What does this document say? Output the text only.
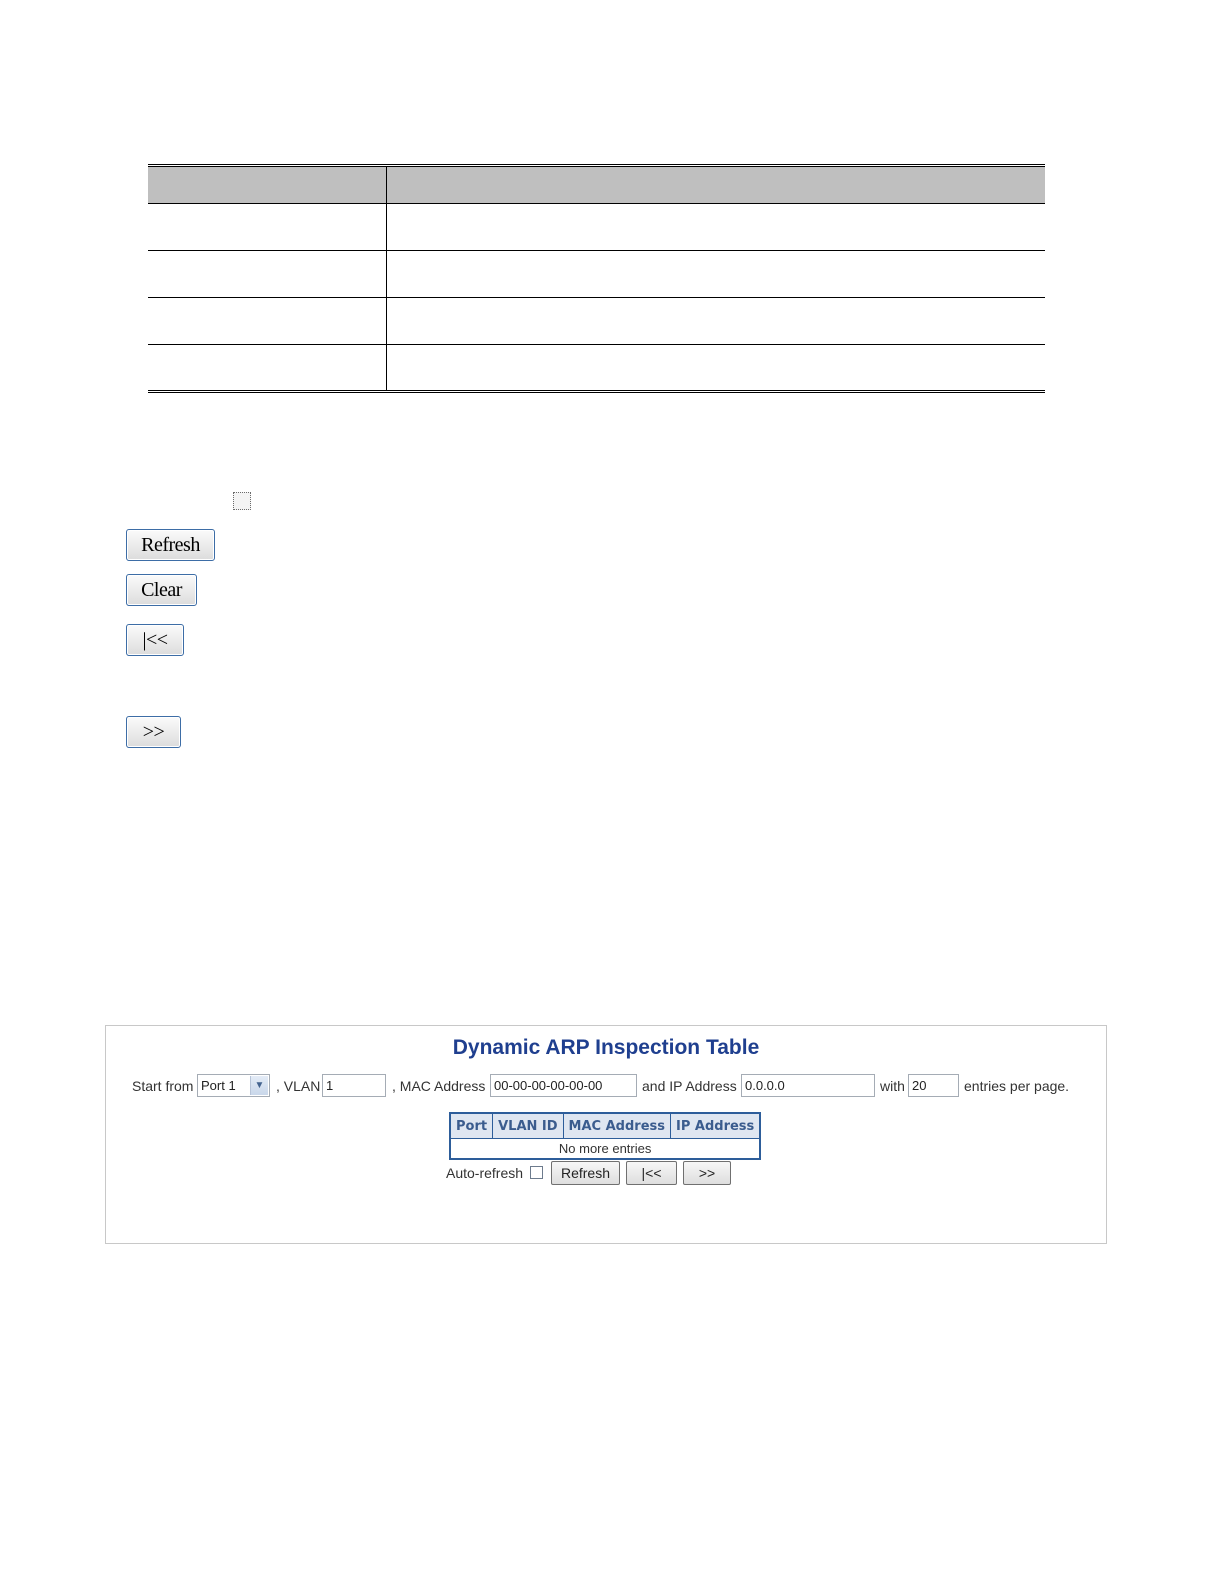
Refresh
Clear
|<<
>>
Dynamic ARP Inspection Table
Start from Port 1	▼ , VLAN 1	, MAC Address 00-00-00-00-00-00	and IP Address 0.0.0.0	with 20	entries per page.
Port	VLAN ID	MAC Address	IP Address
No more entries
Auto-refresh	Refresh	|<<	>>
